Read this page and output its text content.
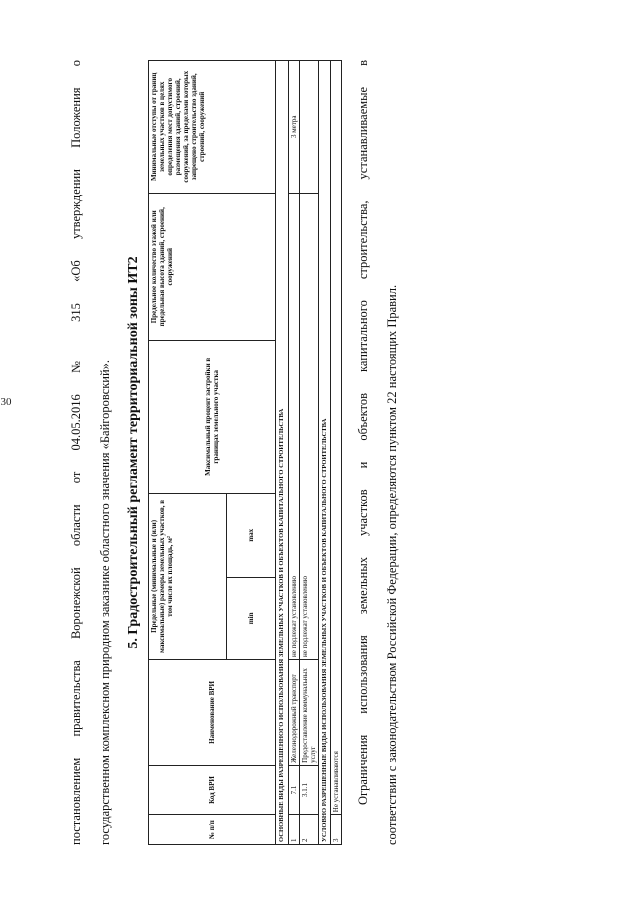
30	постановлением правительства Воронежской области от 04.05.2016 № 315 «Об утверждении Положения о	государственном комплексном природном заказнике областного значения «Байгоровский».	5. Градостроительный регламент территориальной зоны ИТ2
№ п/п	Код ВРИ	Наименование ВРИ	Предельные (минимальные и (или) максимальные) размеры земельных участков, в том числе их площадь, м²		Максимальный процент застройки в границах земельного участка	Предельное количество этажей или предельная высота зданий, строений, сооружений	Минимальные отступы от границ земельных участков в целях определения мест допустимого размещения зданий, строений, сооружений, за пределами которых запрещено строительство зданий, строений, сооружений
			min	max			
ОСНОВНЫЕ ВИДЫ РАЗРЕШЕННОГО ИСПОЛЬЗОВАНИЯ ЗЕМЕЛЬНЫХ УЧАСТКОВ И ОБЪЕКТОВ КАПИТАЛЬНОГО СТРОИТЕЛЬСТВА							
1	7.1	Железнодорожный транспорт	не подлежат установлению				3 метра
2	3.1.1	Предоставление коммунальных услуг	не подлежат установлению				
УСЛОВНО РАЗРЕШЕННЫЕ ВИДЫ ИСПОЛЬЗОВАНИЯ ЗЕМЕЛЬНЫХ УЧАСТКОВ И ОБЪЕКТОВ КАПИТАЛЬНОГО СТРОИТЕЛЬСТВА							
3	Не устанавливаются							Ограничения использования земельных участков и объектов капитального строительства, устанавливаемые в	соответствии с законодательством Российской Федерации, определяются пунктом 22 настоящих Правил.
